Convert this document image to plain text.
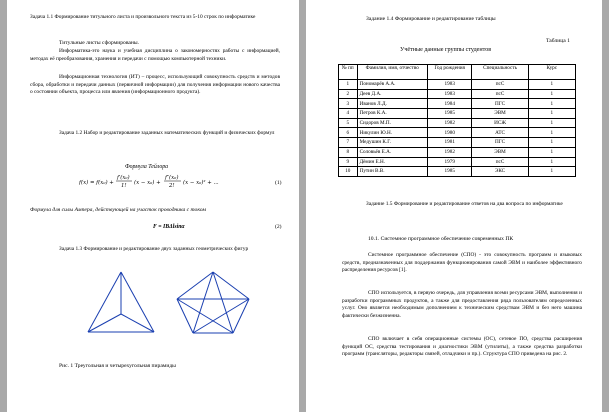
Задача 1.1 Формирование титульного листа и произвольного текста из 5-10 строк по информатике
Титульные листы сформированы.
Информатика-это наука и учебная дисциплина о закономерностях работы с информацией, методах её преобразования, хранения и передачи с помощью компьютерной техники.
Информационная технология (ИТ) – процесс, использующий совокупность средств и методов сбора, обработки и передачи данных (первичной информации) для получения информации нового качества о состоянии объекта, процесса или явления (информационного продукта).
Задача 1.2 Набор и редактирование заданных математических функций и физических формул
Формула Тейлора
f(x) = f(x₀) +
f′(x₀)
1! (x − x₀) +
f″(x₀)
2! (x − x₀)² + ...	(1)
Формула для силы Ампера, действующей на участок проводника с током
F = IBΔlsinα	(2)
Задача 1.3 Формирование и редактирование двух заданных геометрических фигур
Рис. 1 Треугольная и четырехугольная пирамиды
Задание 1.4 Формирование и редактирование таблицы
Таблица 1
Учётные данные группы студентов
№ пп	Фамилия, имя, отчество	Год рождения	Специальность	Курс
1	Пономарёв А.А.	1983	псС	1
2	Деев Д.А.	1983	псС	1
3	Иванов Л.Д.	1984	ПГС	1
4	Петров К.А.	1985	ЭВМ	1
5	Сидоров М.П.	1982	ИСЖ	1
6	Никулин Ю.Н.	1980	АТС	1
7	Медушин К.Г.	1981	ПГС	1
8	Соловьёв Е.А.	1982	ЭВМ	1
9	Дёмин Е.Н.	1979	псС	1
10	Путин В.В.	1985	ЭКС	1
Задание 1.5 Формирование и редактирование ответов на два вопроса по информатике
10.1. Системное программное обеспечение современных ПК
Системное программное обеспечение (СПО) - это совокупность программ и языковых средств, предназначенных для поддержания функционирования самой ЭВМ и наиболее эффективного распределения ресурсов [1].
СПО используется, в первую очередь, для управления всеми ресурсами ЭВМ, выполнения и разработки программных продуктов, а также для предоставления ряда пользователям определенных услуг. Оно является необходимым дополнением к техническим средствам ЭВМ и без него машина фактически безжизненна.
СПО включает в себя операционные системы (ОС), сетевое ПО, средства расширения функций ОС, средства тестирования и диагностики ЭВМ (утилиты), а также средства разработки программ (трансляторы, редакторы связей, отладчики и пр.). Структура СПО приведена на рис. 2.
